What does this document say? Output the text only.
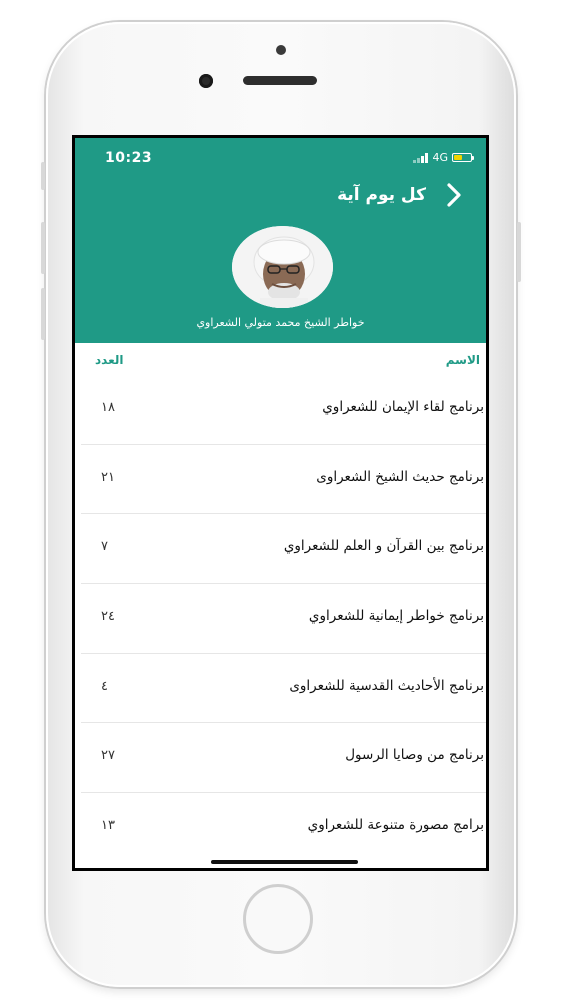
10:23	4G
كل يوم آية
خواطر الشيخ محمد متولي الشعراوي
الاسم
العدد
برنامج لقاء الإيمان للشعراوي
١٨
برنامج حديث الشيخ الشعراوى
٢١
برنامج بين القرآن و العلم للشعراوي
٧
برنامج خواطر إيمانية للشعراوي
٢٤
برنامج الأحاديث القدسية للشعراوى
٤
برنامج من وصايا الرسول
٢٧
برامج مصورة متنوعة للشعراوي
١٣
